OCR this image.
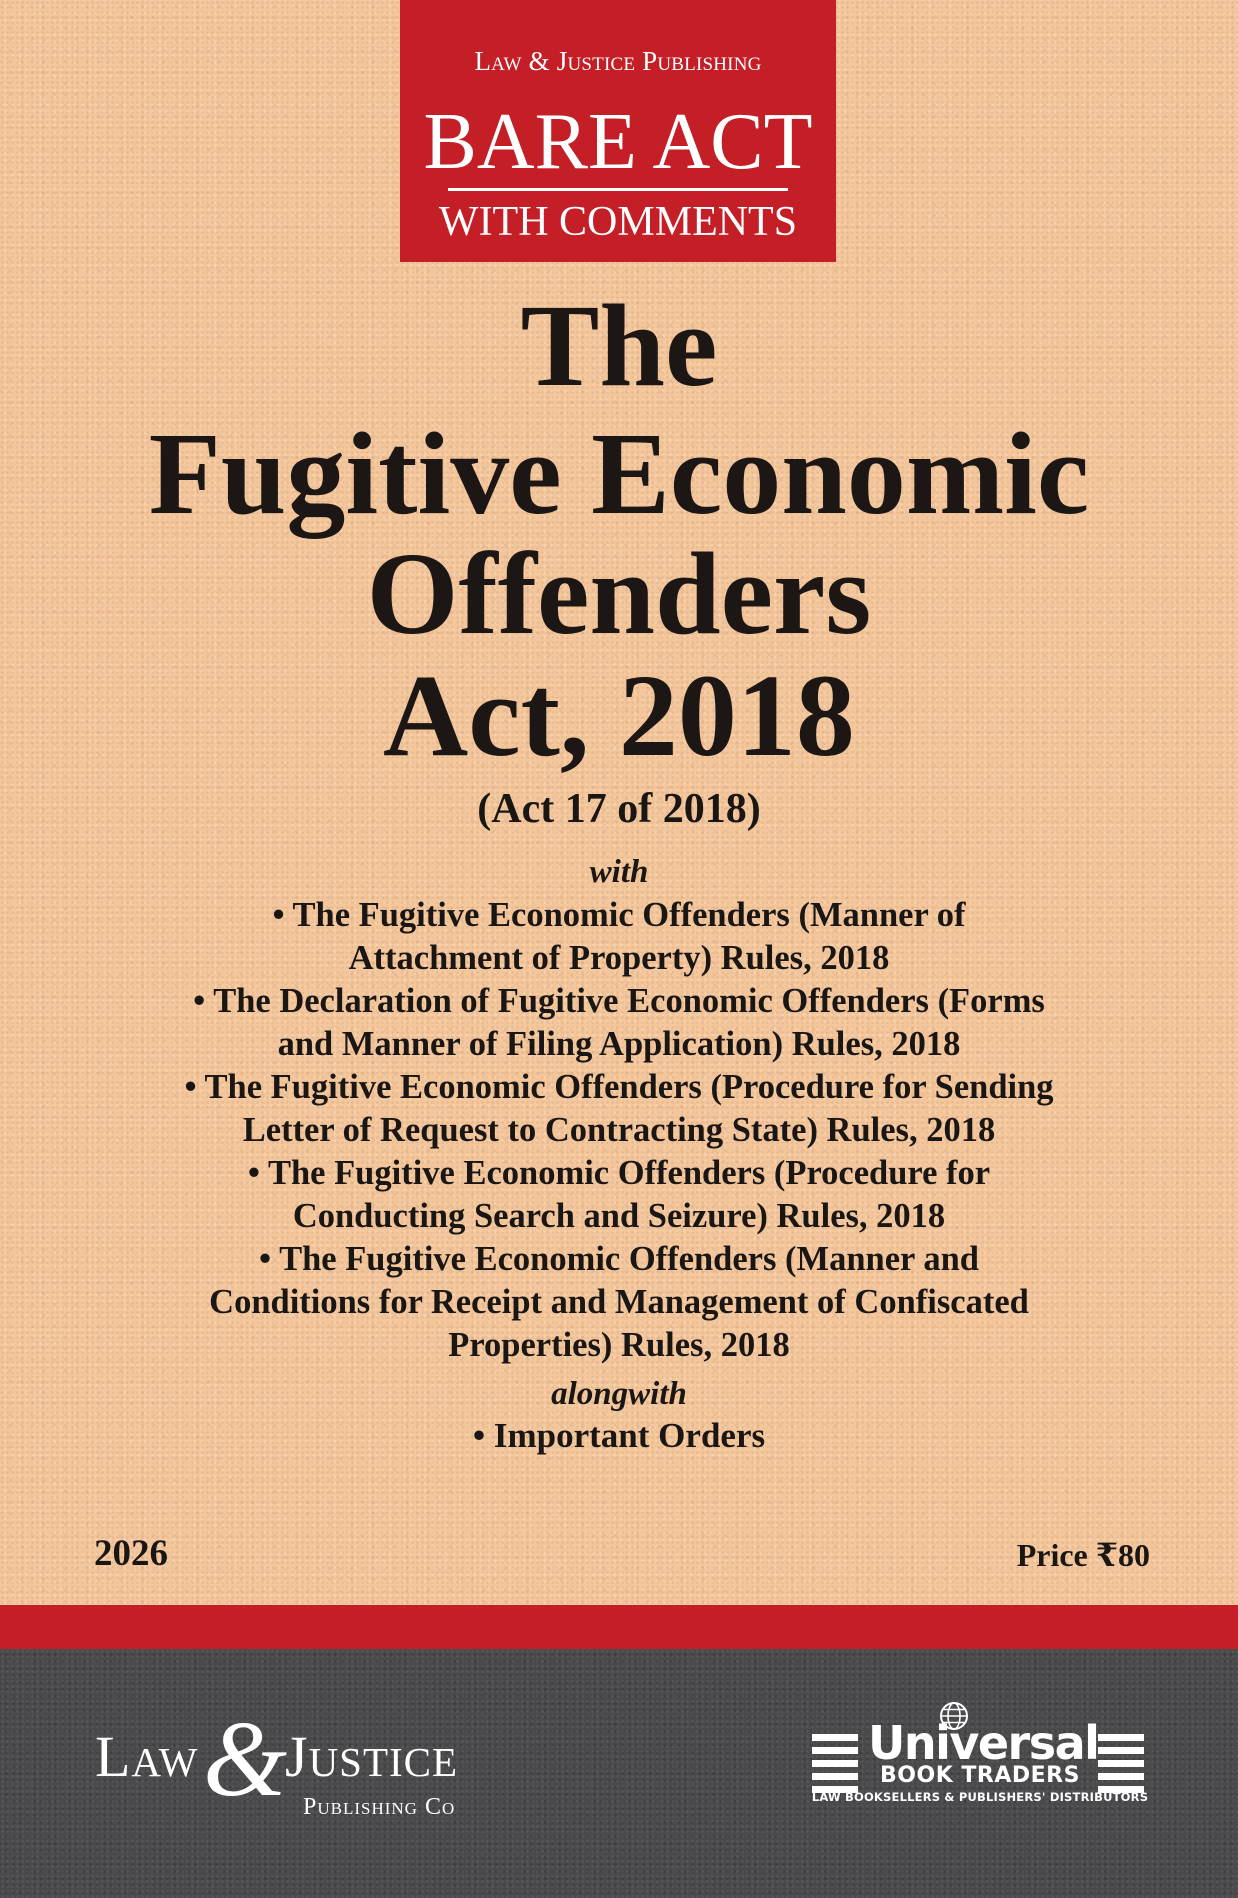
Law & Justice Publishing
BARE ACT
WITH COMMENTS
The
Fugitive Economic
Offenders
Act, 2018
(Act 17 of 2018)
with
• The Fugitive Economic Offenders (Manner of
Attachment of Property) Rules, 2018
• The Declaration of Fugitive Economic Offenders (Forms
and Manner of Filing Application) Rules, 2018
• The Fugitive Economic Offenders (Procedure for Sending
Letter of Request to Contracting State) Rules, 2018
• The Fugitive Economic Offenders (Procedure for
Conducting Search and Seizure) Rules, 2018
• The Fugitive Economic Offenders (Manner and
Conditions for Receipt and Management of Confiscated
Properties) Rules, 2018
alongwith
• Important Orders
2026	Price ₹80
Law &
Justice
Publishing Co
Universal
BOOK TRADERS
LAW BOOKSELLERS & PUBLISHERS' DISTRIBUTORS
